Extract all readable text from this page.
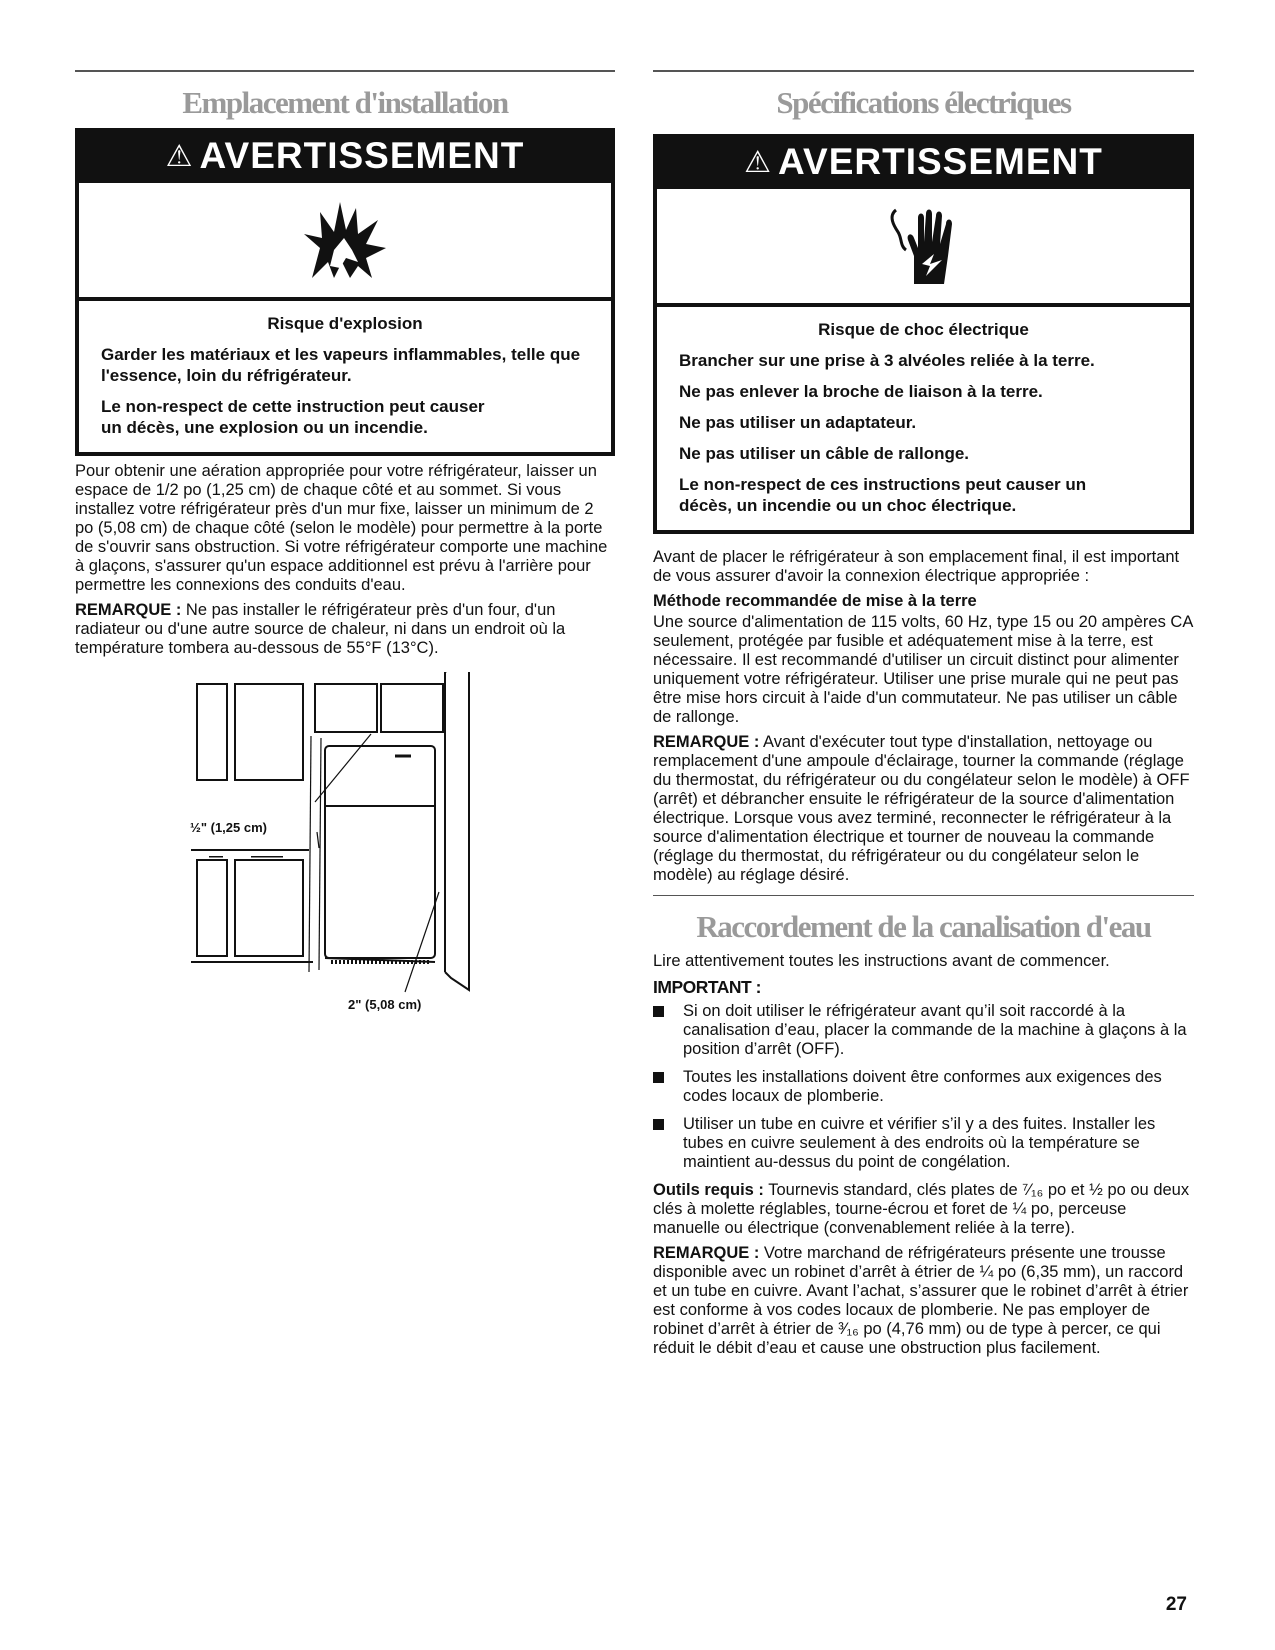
Emplacement d'installation
⚠ AVERTISSEMENT

Risque d'explosion

Garder les matériaux et les vapeurs inflammables, telle que l'essence, loin du réfrigérateur.

Le non-respect de cette instruction peut causer un décès, une explosion ou un incendie.

Pour obtenir une aération appropriée pour votre réfrigérateur, laisser un espace de 1/2 po (1,25 cm) de chaque côté et au sommet. Si vous installez votre réfrigérateur près d'un mur fixe, laisser un minimum de 2 po (5,08 cm) de chaque côté (selon le modèle) pour permettre à la porte de s'ouvrir sans obstruction. Si votre réfrigérateur comporte une machine à glaçons, s'assurer qu'un espace additionnel est prévu à l'arrière pour permettre les connexions des conduits d'eau.

REMARQUE : Ne pas installer le réfrigérateur près d'un four, d'un radiateur ou d'une autre source de chaleur, ni dans un endroit où la température tombera au-dessous de 55°F (13°C).

½" (1,25 cm)
2" (5,08 cm)
Spécifications électriques
⚠ AVERTISSEMENT

Risque de choc électrique

Brancher sur une prise à 3 alvéoles reliée à la terre.

Ne pas enlever la broche de liaison à la terre.

Ne pas utiliser un adaptateur.

Ne pas utiliser un câble de rallonge.

Le non-respect de ces instructions peut causer un décès, un incendie ou un choc électrique.

Avant de placer le réfrigérateur à son emplacement final, il est important de vous assurer d'avoir la connexion électrique appropriée :

Méthode recommandée de mise à la terre

Une source d'alimentation de 115 volts, 60 Hz, type 15 ou 20 ampères CA seulement, protégée par fusible et adéquatement mise à la terre, est nécessaire. Il est recommandé d'utiliser un circuit distinct pour alimenter uniquement votre réfrigérateur. Utiliser une prise murale qui ne peut pas être mise hors circuit à l'aide d'un commutateur. Ne pas utiliser un câble de rallonge.

REMARQUE : Avant d'exécuter tout type d'installation, nettoyage ou remplacement d'une ampoule d'éclairage, tourner la commande (réglage du thermostat, du réfrigérateur ou du congélateur selon le modèle) à OFF (arrêt) et débrancher ensuite le réfrigérateur de la source d'alimentation électrique. Lorsque vous avez terminé, reconnecter le réfrigérateur à la source d'alimentation électrique et tourner de nouveau la commande (réglage du thermostat, du réfrigérateur ou du congélateur selon le modèle) au réglage désiré.

Raccordement de la canalisation d'eau

Lire attentivement toutes les instructions avant de commencer.

IMPORTANT :
Si on doit utiliser le réfrigérateur avant qu’il soit raccordé à la canalisation d’eau, placer la commande de la machine à glaçons à la position d’arrêt (OFF).
Toutes les installations doivent être conformes aux exigences des codes locaux de plomberie.
Utiliser un tube en cuivre et vérifier s’il y a des fuites. Installer les tubes en cuivre seulement à des endroits où la température se maintient au-dessus du point de congélation.

Outils requis : Tournevis standard, clés plates de ⁷⁄₁₆ po et ½ po ou deux clés à molette réglables, tourne-écrou et foret de ¼ po, perceuse manuelle ou électrique (convenablement reliée à la terre).

REMARQUE : Votre marchand de réfrigérateurs présente une trousse disponible avec un robinet d’arrêt à étrier de ¼ po (6,35 mm), un raccord et un tube en cuivre. Avant l’achat, s’assurer que le robinet d’arrêt à étrier est conforme à vos codes locaux de plomberie. Ne pas employer de robinet d’arrêt à étrier de ³⁄₁₆ po (4,76 mm) ou de type à percer, ce qui réduit le débit d’eau et cause une obstruction plus facilement.

27
